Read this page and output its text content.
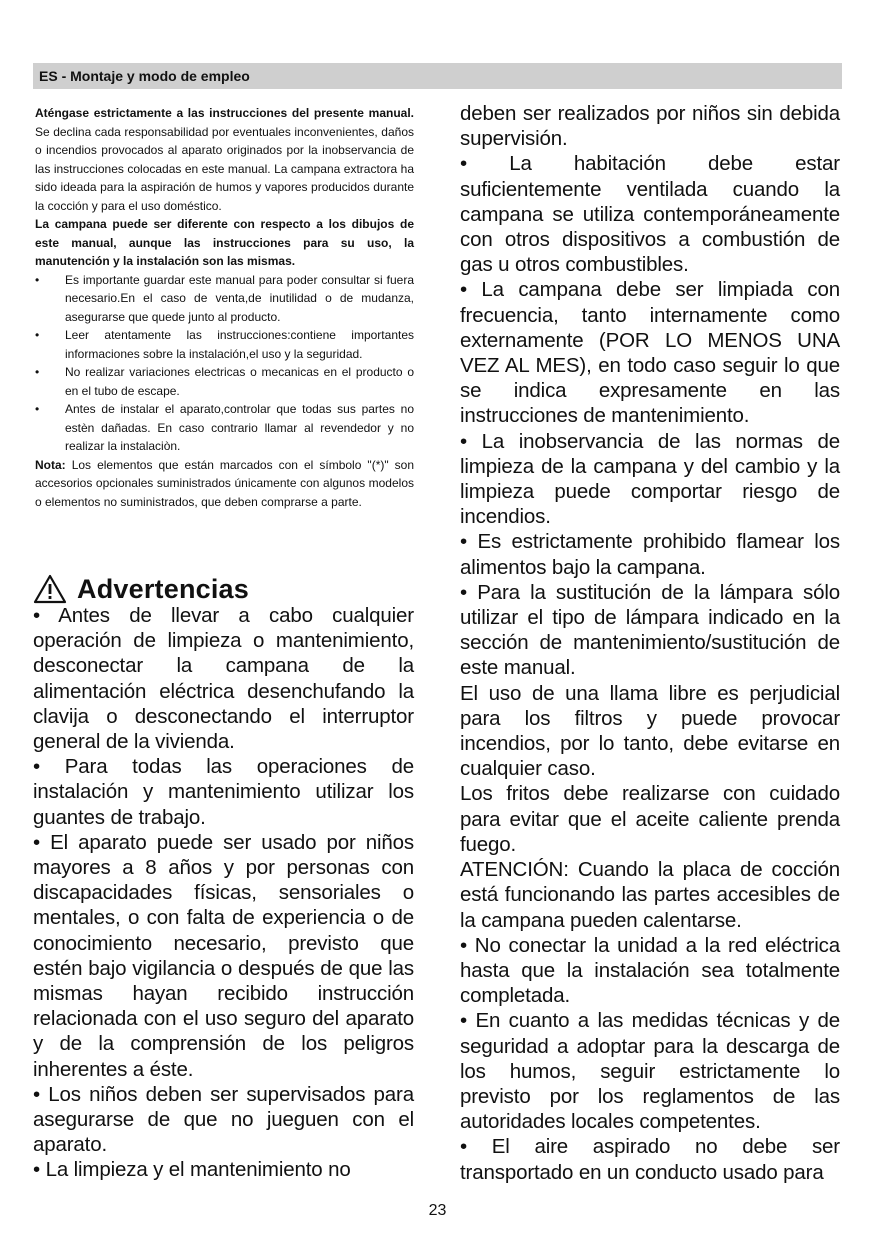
ES - Montaje y modo de empleo

Aténgase estrictamente a las instrucciones del presente manual. Se declina cada responsabilidad por eventuales inconvenientes, daños o incendios provocados al aparato originados por la inobservancia de las instrucciones colocadas en este manual. La campana extractora ha sido ideada para la aspiración de humos y vapores producidos durante la cocción y para el uso doméstico.

La campana puede ser diferente con respecto a los dibujos de este manual, aunque las instrucciones para su uso, la manutención y la instalación son las mismas.

• Es importante guardar este manual para poder consultar si fuera necesario.En el caso de venta,de inutilidad o de mudanza, asegurarse que quede junto al producto.
• Leer atentamente las instrucciones:contiene importantes informaciones sobre la instalación,el uso y la seguridad.
• No realizar variaciones electricas o mecanicas en el producto o en el tubo de escape.
• Antes de instalar el aparato,controlar que todas sus partes no estèn dañadas. En caso contrario llamar al revendedor y no realizar la instalaciòn.

Nota: Los elementos que están marcados con el símbolo "(*)" son accesorios opcionales suministrados únicamente con algunos modelos o elementos no suministrados, que deben comprarse a parte.

Advertencias

• Antes de llevar a cabo cualquier operación de limpieza o mantenimiento, desconectar la campana de la alimentación eléctrica desenchufando la clavija o desconectando el interruptor general de la vivienda.

• Para todas las operaciones de instalación y mantenimiento utilizar los guantes de trabajo.

• El aparato puede ser usado por niños mayores a 8 años y por personas con discapacidades físicas, sensoriales o mentales, o con falta de experiencia o de conocimiento necesario, previsto que estén bajo vigilancia o después de que las mismas hayan recibido instrucción relacionada con el uso seguro del aparato y de la comprensión de los peligros inherentes a éste.

• Los niños deben ser supervisados para asegurarse de que no jueguen con el aparato.

• La limpieza y el mantenimiento no

deben ser realizados por niños sin debida supervisión.

• La habitación debe estar suficientemente ventilada cuando la campana se utiliza contemporáneamente con otros dispositivos a combustión de gas u otros combustibles.

• La campana debe ser limpiada con frecuencia, tanto internamente como externamente (POR LO MENOS UNA VEZ AL MES), en todo caso seguir lo que se indica expresamente en las instrucciones de mantenimiento.

• La inobservancia de las normas de limpieza de la campana y del cambio y la limpieza puede comportar riesgo de incendios.

• Es estrictamente prohibido flamear los alimentos bajo la campana.

• Para la sustitución de la lámpara sólo utilizar el tipo de lámpara indicado en la sección de mantenimiento/sustitución de este manual.

El uso de una llama libre es perjudicial para los filtros y puede provocar incendios, por lo tanto, debe evitarse en cualquier caso.

Los fritos debe realizarse con cuidado para evitar que el aceite caliente prenda fuego.

ATENCIÓN: Cuando la placa de cocción está funcionando las partes accesibles de la campana pueden calentarse.

• No conectar la unidad a la red eléctrica hasta que la instalación sea totalmente completada.

• En cuanto a las medidas técnicas y de seguridad a adoptar para la descarga de los humos, seguir estrictamente lo previsto por los reglamentos de las autoridades locales competentes.

• El aire aspirado no debe ser transportado en un conducto usado para

23
